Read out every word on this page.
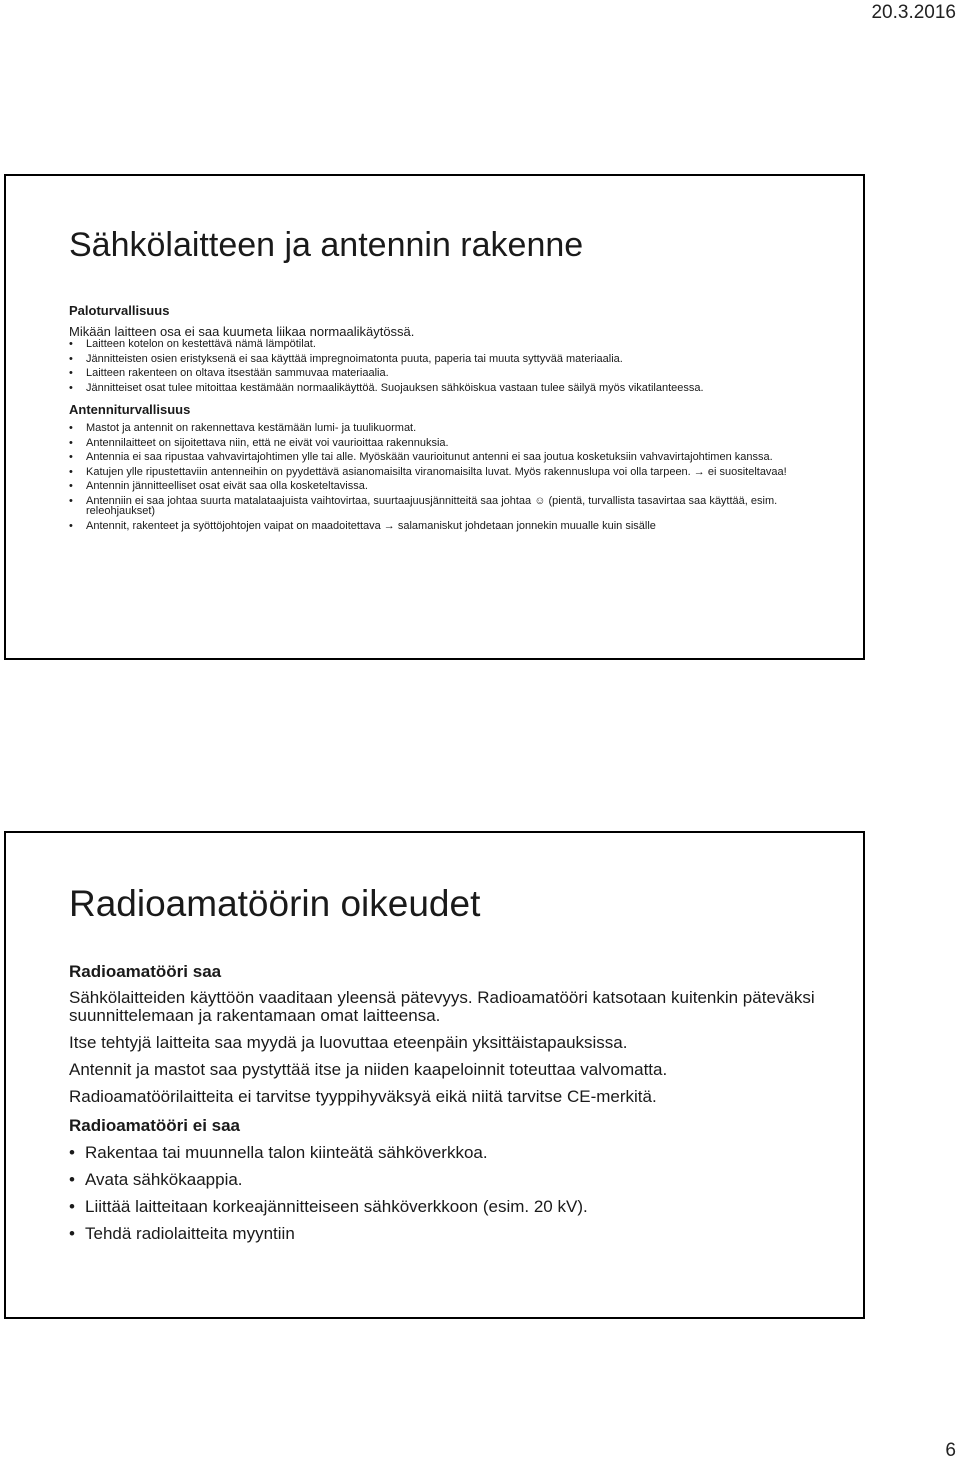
20.3.2016
Sähkölaitteen ja antennin rakenne

Paloturvallisuus

Mikään laitteen osa ei saa kuumeta liikaa normaalikäytössä.

• Laitteen kotelon on kestettävä nämä lämpötilat.
• Jännitteisten osien eristyksenä ei saa käyttää impregnoimatonta puuta, paperia tai muuta syttyvää materiaalia.
• Laitteen rakenteen on oltava itsestään sammuvaa materiaalia.
• Jännitteiset osat tulee mitoittaa kestämään normaalikäyttöä. Suojauksen sähköiskua vastaan tulee säilyä myös vikatilanteessa.

Antenniturvallisuus

• Mastot ja antennit on rakennettava kestämään lumi- ja tuulikuormat.
• Antennilaitteet on sijoitettava niin, että ne eivät voi vaurioittaa rakennuksia.
• Antennia ei saa ripustaa vahvavirtajohtimen ylle tai alle. Myöskään vaurioitunut antenni ei saa joutua kosketuksiin vahvavirtajohtimen kanssa.
• Katujen ylle ripustettaviin antenneihin on pyydettävä asianomaisilta viranomaisilta luvat. Myös rakennuslupa voi olla tarpeen. → ei suositeltavaa!
• Antennin jännitteelliset osat eivät saa olla kosketeltavissa.
• Antenniin ei saa johtaa suurta matalataajuista vaihtovirtaa, suurtaajuusjännitteitä saa johtaa ☺ (pientä, turvallista tasavirtaa saa käyttää, esim. releohjaukset)
• Antennit, rakenteet ja syöttöjohtojen vaipat on maadoitettava → salamaniskut johdetaan jonnekin muualle kuin sisälle
Radioamatöörin oikeudet

Radioamatööri saa

Sähkölaitteiden käyttöön vaaditaan yleensä pätevyys. Radioamatööri katsotaan kuitenkin päteväksi suunnittelemaan ja rakentamaan omat laitteensa.

Itse tehtyjä laitteita saa myydä ja luovuttaa eteenpäin yksittäistapauksissa.

Antennit ja mastot saa pystyttää itse ja niiden kaapeloinnit toteuttaa valvomatta.

Radioamatöörilaitteita ei tarvitse tyyppihyväksyä eikä niitä tarvitse CE-merkitä.

Radioamatööri ei saa

• Rakentaa tai muunnella talon kiinteätä sähköverkkoa.
• Avata sähkökaappia.
• Liittää laitteitaan korkeajännitteiseen sähköverkkoon (esim. 20 kV).
• Tehdä radiolaitteita myyntiin
6
